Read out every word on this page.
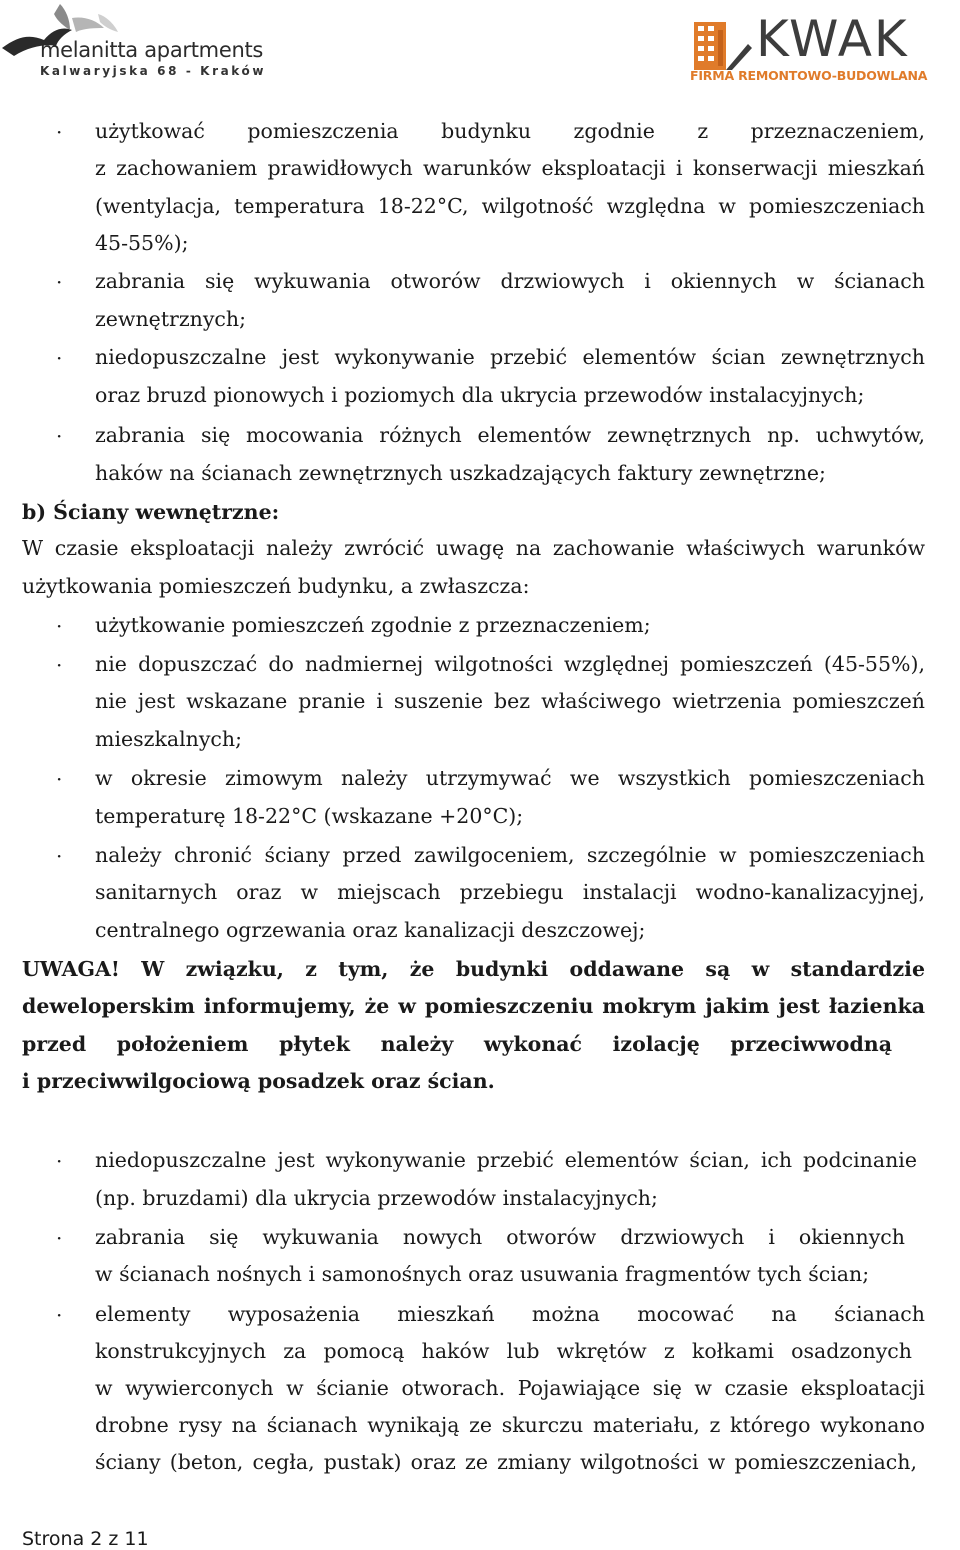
melanitta apartments
Kalwaryjska 68 - Kraków
KWAK
FIRMA REMONTOWO-BUDOWLANA
· użytkować pomieszczenia budynku zgodnie z przeznaczeniem,
z zachowaniem prawidłowych warunków eksploatacji i konserwacji mieszkań
(wentylacja, temperatura 18-22°C, wilgotność względna w pomieszczeniach
45-55%);
· zabrania się wykuwania otworów drzwiowych i okiennych w ścianach
zewnętrznych;
· niedopuszczalne jest wykonywanie przebić elementów ścian zewnętrznych
oraz bruzd pionowych i poziomych dla ukrycia przewodów instalacyjnych;
· zabrania się mocowania różnych elementów zewnętrznych np. uchwytów,
haków na ścianach zewnętrznych uszkadzających faktury zewnętrzne;
b) Ściany wewnętrzne:
W czasie eksploatacji należy zwrócić uwagę na zachowanie właściwych warunków
użytkowania pomieszczeń budynku, a zwłaszcza:
· użytkowanie pomieszczeń zgodnie z przeznaczeniem;
· nie dopuszczać do nadmiernej wilgotności względnej pomieszczeń (45-55%),
nie jest wskazane pranie i suszenie bez właściwego wietrzenia pomieszczeń
mieszkalnych;
· w okresie zimowym należy utrzymywać we wszystkich pomieszczeniach
temperaturę 18-22°C (wskazane +20°C);
· należy chronić ściany przed zawilgoceniem, szczególnie w pomieszczeniach
sanitarnych oraz w miejscach przebiegu instalacji wodno-kanalizacyjnej,
centralnego ogrzewania oraz kanalizacji deszczowej;
UWAGA! W związku, z tym, że budynki oddawane są w standardzie
deweloperskim informujemy, że w pomieszczeniu mokrym jakim jest łazienka
przed położeniem płytek należy wykonać izolację przeciwwodną
i przeciwwilgociową posadzek oraz ścian.
· niedopuszczalne jest wykonywanie przebić elementów ścian, ich podcinanie
(np. bruzdami) dla ukrycia przewodów instalacyjnych;
· zabrania się wykuwania nowych otworów drzwiowych i okiennych
w ścianach nośnych i samonośnych oraz usuwania fragmentów tych ścian;
· elementy wyposażenia mieszkań można mocować na ścianach
konstrukcyjnych za pomocą haków lub wkrętów z kołkami osadzonych
w wywierconych w ścianie otworach. Pojawiające się w czasie eksploatacji
drobne rysy na ścianach wynikają ze skurczu materiału, z którego wykonano
ściany (beton, cegła, pustak) oraz ze zmiany wilgotności w pomieszczeniach,
Strona 2 z 11
